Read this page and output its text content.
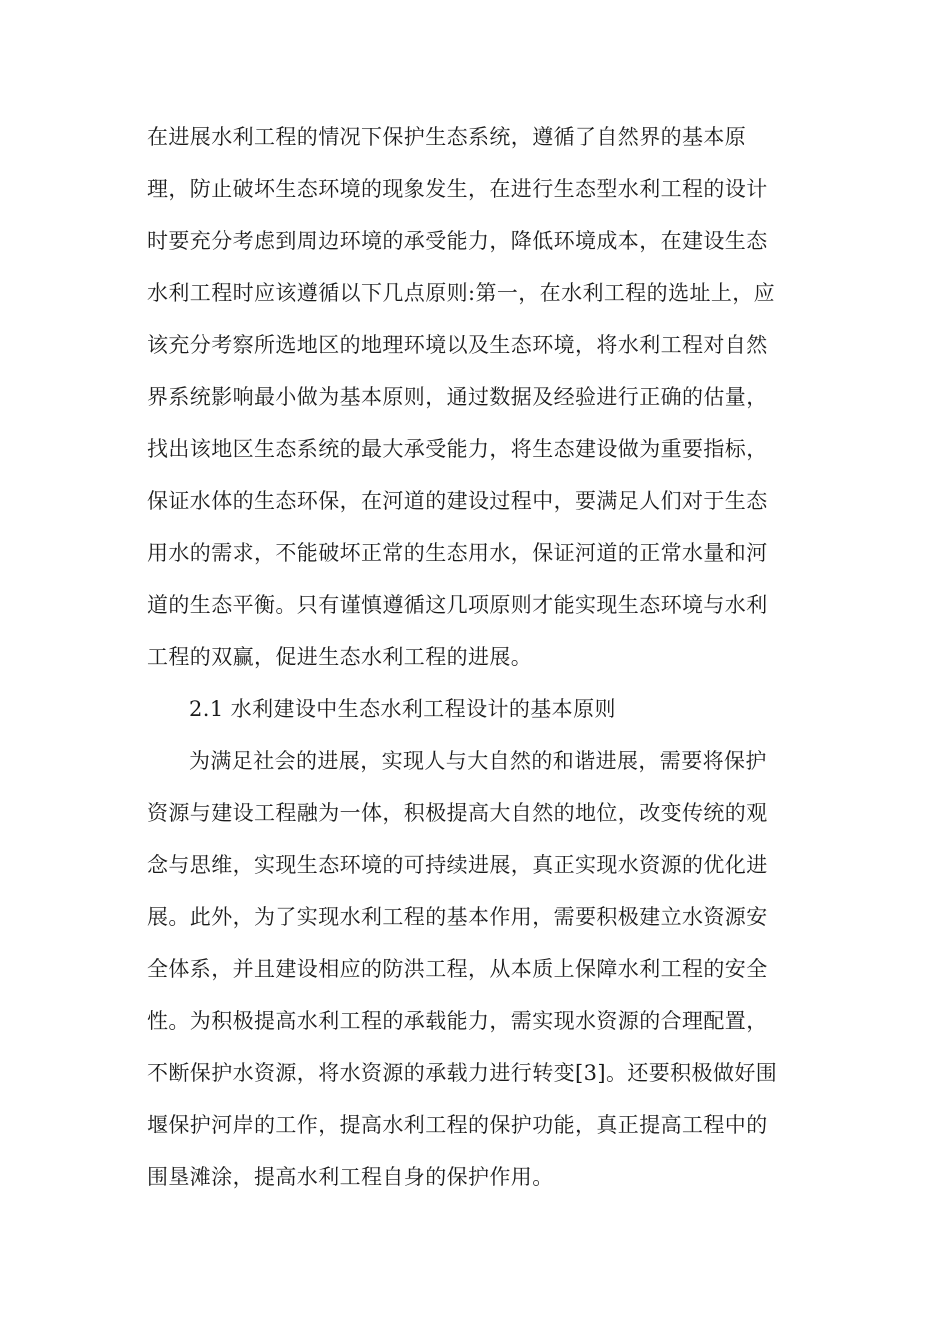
在进展水利工程的情况下保护生态系统，遵循了自然界的基本原
理，防止破坏生态环境的现象发生，在进行生态型水利工程的设计
时要充分考虑到周边环境的承受能力，降低环境成本，在建设生态
水利工程时应该遵循以下几点原则:第一，在水利工程的选址上，应
该充分考察所选地区的地理环境以及生态环境，将水利工程对自然
界系统影响最小做为基本原则，通过数据及经验进行正确的估量，
找出该地区生态系统的最大承受能力，将生态建设做为重要指标，
保证水体的生态环保，在河道的建设过程中，要满足人们对于生态
用水的需求，不能破坏正常的生态用水，保证河道的正常水量和河
道的生态平衡。只有谨慎遵循这几项原则才能实现生态环境与水利
工程的双赢，促进生态水利工程的进展。
2.1 水利建设中生态水利工程设计的基本原则
为满足社会的进展，实现人与大自然的和谐进展，需要将保护
资源与建设工程融为一体，积极提高大自然的地位，改变传统的观
念与思维，实现生态环境的可持续进展，真正实现水资源的优化进
展。此外，为了实现水利工程的基本作用，需要积极建立水资源安
全体系，并且建设相应的防洪工程，从本质上保障水利工程的安全
性。为积极提高水利工程的承载能力，需实现水资源的合理配置，
不断保护水资源，将水资源的承载力进行转变[3]。还要积极做好围
堰保护河岸的工作，提高水利工程的保护功能，真正提高工程中的
围垦滩涂，提高水利工程自身的保护作用。
